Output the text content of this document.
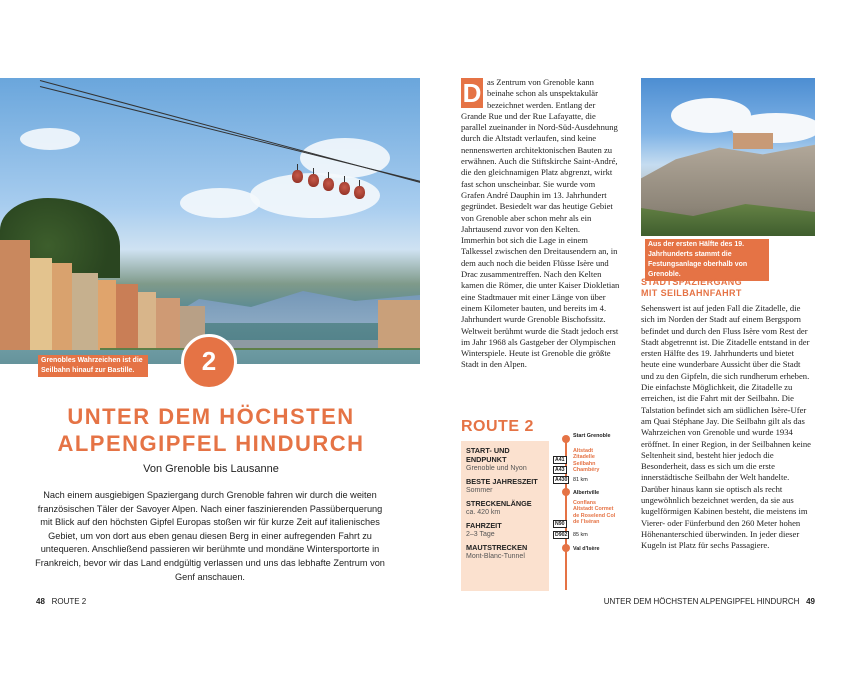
Grenobles Wahrzeichen ist die Seilbahn hinauf zur Bastille.	2
UNTER DEM HÖCHSTEN
ALPENGIPFEL HINDURCH
Von Grenoble bis Lausanne
Nach einem ausgiebigen Spaziergang durch Grenoble fahren wir durch die weiten französischen Täler der Savoyer Alpen. Nach einer faszinierenden Passüberquerung mit Blick auf den höchsten Gipfel Europas stoßen wir für kurze Zeit auf italienisches Gebiet, um von dort aus eben genau diesen Berg in einer aufregenden Fahrt zu untequeren. Anschließend passieren wir berühmte und mondäne Wintersportorte in Frankreich, bevor wir das Land endgültig verlassen und uns das lebhafte Zentrum von Genf anschauen.
48 ROUTE 2
D as Zentrum von Grenoble kann beinahe schon als unspektakulär bezeichnet werden. Entlang der Grande Rue und der Rue Lafayatte, die parallel zueinander in Nord-Süd-Ausdehnung durch die Altstadt verlaufen, sind keine nennenswerten architektonischen Bauten zu erwähnen. Auch die Stiftskirche Saint-André, die den gleichnamigen Platz abgrenzt, wirkt fast schon unscheinbar. Sie wurde vom Grafen André Dauphin im 13. Jahrhundert gegründet. Besiedelt war das heutige Gebiet von Grenoble aber schon mehr als ein Jahrtausend zuvor von den Kelten.
Immerhin bot sich die Lage in einem Talkessel zwischen den Dreitausendern an, in dem auch noch die beiden Flüsse Isère und Drac zusammentreffen. Nach den Kelten kamen die Römer, die unter Kaiser Diokletian eine Stadtmauer mit einer Länge von über einem Kilometer bauten, und bereits im 4. Jahrhundert wurde Grenoble Bischofssitz. Weltweit berühmt wurde die Stadt jedoch erst im Jahr 1968 als Gastgeber der Olympischen Winterspiele. Heute ist Grenoble die größte Stadt in den Alpen.
ROUTE 2
START- UND ENDPUNKT
Grenoble und Nyon
BESTE JAHRESZEIT
Sommer
STRECKENLÄNGE
ca. 420 km
FAHRZEIT
2–3 Tage
MAUTSTRECKEN
Mont-Blanc-Tunnel
Start Grenoble
Altstadt Zitadelle Seilbahn Chambéry
A41
A43
A430	81 km
Albertville
Conflans Altstadt Cormet de Roselend Col de l'Iséran
N90
D902	85 km
Val d'Isère
Aus der ersten Hälfte des 19. Jahrhunderts stammt die Festungsanlage oberhalb von Grenoble.
STADTSPAZIERGANG
MIT SEILBAHNFAHRT
Sehenswert ist auf jeden Fall die Zitadelle, die sich im Norden der Stadt auf einem Bergsporn befindet und durch den Fluss Isère vom Rest der Stadt abgetrennt ist. Die Zitadelle entstand in der ersten Hälfte des 19. Jahrhunderts und bietet heute eine wunderbare Aussicht über die Stadt und zu den Gipfeln, die sich rundherum erheben. Die einfachste Möglichkeit, die Zitadelle zu erreichen, ist die Fahrt mit der Seilbahn. Die Talstation befindet sich am südlichen Isère-Ufer am Quai Stéphane Jay. Die Seilbahn gilt als das Wahrzeichen von Grenoble und wurde 1934 eröffnet. In einer Region, in der Seilbahnen keine Seltenheit sind, besteht hier jedoch die Besonderheit, dass es sich um die erste innerstädtische Seilbahn der Welt handelte. Darüber hinaus kann sie optisch als recht ungewöhnlich bezeichnet werden, da sie aus kugelförmigen Kabinen besteht, die meistens im Vierer- oder Fünferbund den 260 Meter hohen Höhenanterschied überwinden. In jeder dieser Kugeln ist Platz für sechs Passagiere.
UNTER DEM HÖCHSTEN ALPENGIPFEL HINDURCH 49
